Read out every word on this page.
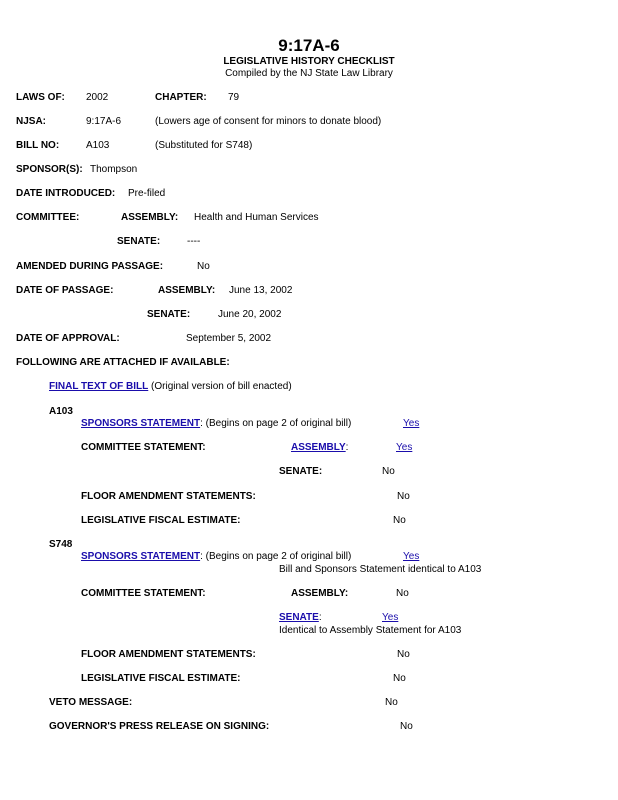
9:17A-6
LEGISLATIVE HISTORY CHECKLIST
Compiled by the NJ State Law Library
LAWS OF: 2002	CHAPTER: 79
NJSA:	9:17A-6	(Lowers age of consent for minors to donate blood)
BILL NO:	A103	(Substituted for S748)
SPONSOR(S): Thompson
DATE INTRODUCED: Pre-filed
COMMITTEE:	ASSEMBLY: Health and Human Services
SENATE:	----
AMENDED DURING PASSAGE:	No
DATE OF PASSAGE:	ASSEMBLY: June 13, 2002
SENATE:	June 20, 2002
DATE OF APPROVAL:	September 5, 2002
FOLLOWING ARE ATTACHED IF AVAILABLE:
FINAL TEXT OF BILL (Original version of bill enacted)
A103
SPONSORS STATEMENT: (Begins on page 2 of original bill)	Yes
COMMITTEE STATEMENT:	ASSEMBLY:	Yes
SENATE:	No
FLOOR AMENDMENT STATEMENTS:	No
LEGISLATIVE FISCAL ESTIMATE:	No
S748
SPONSORS STATEMENT: (Begins on page 2 of original bill)	Yes
Bill and Sponsors Statement identical to A103
COMMITTEE STATEMENT:	ASSEMBLY:	No
SENATE:	Yes
Identical to Assembly Statement for A103
FLOOR AMENDMENT STATEMENTS:	No
LEGISLATIVE FISCAL ESTIMATE:	No
VETO MESSAGE:	No
GOVERNOR'S PRESS RELEASE ON SIGNING:	No
